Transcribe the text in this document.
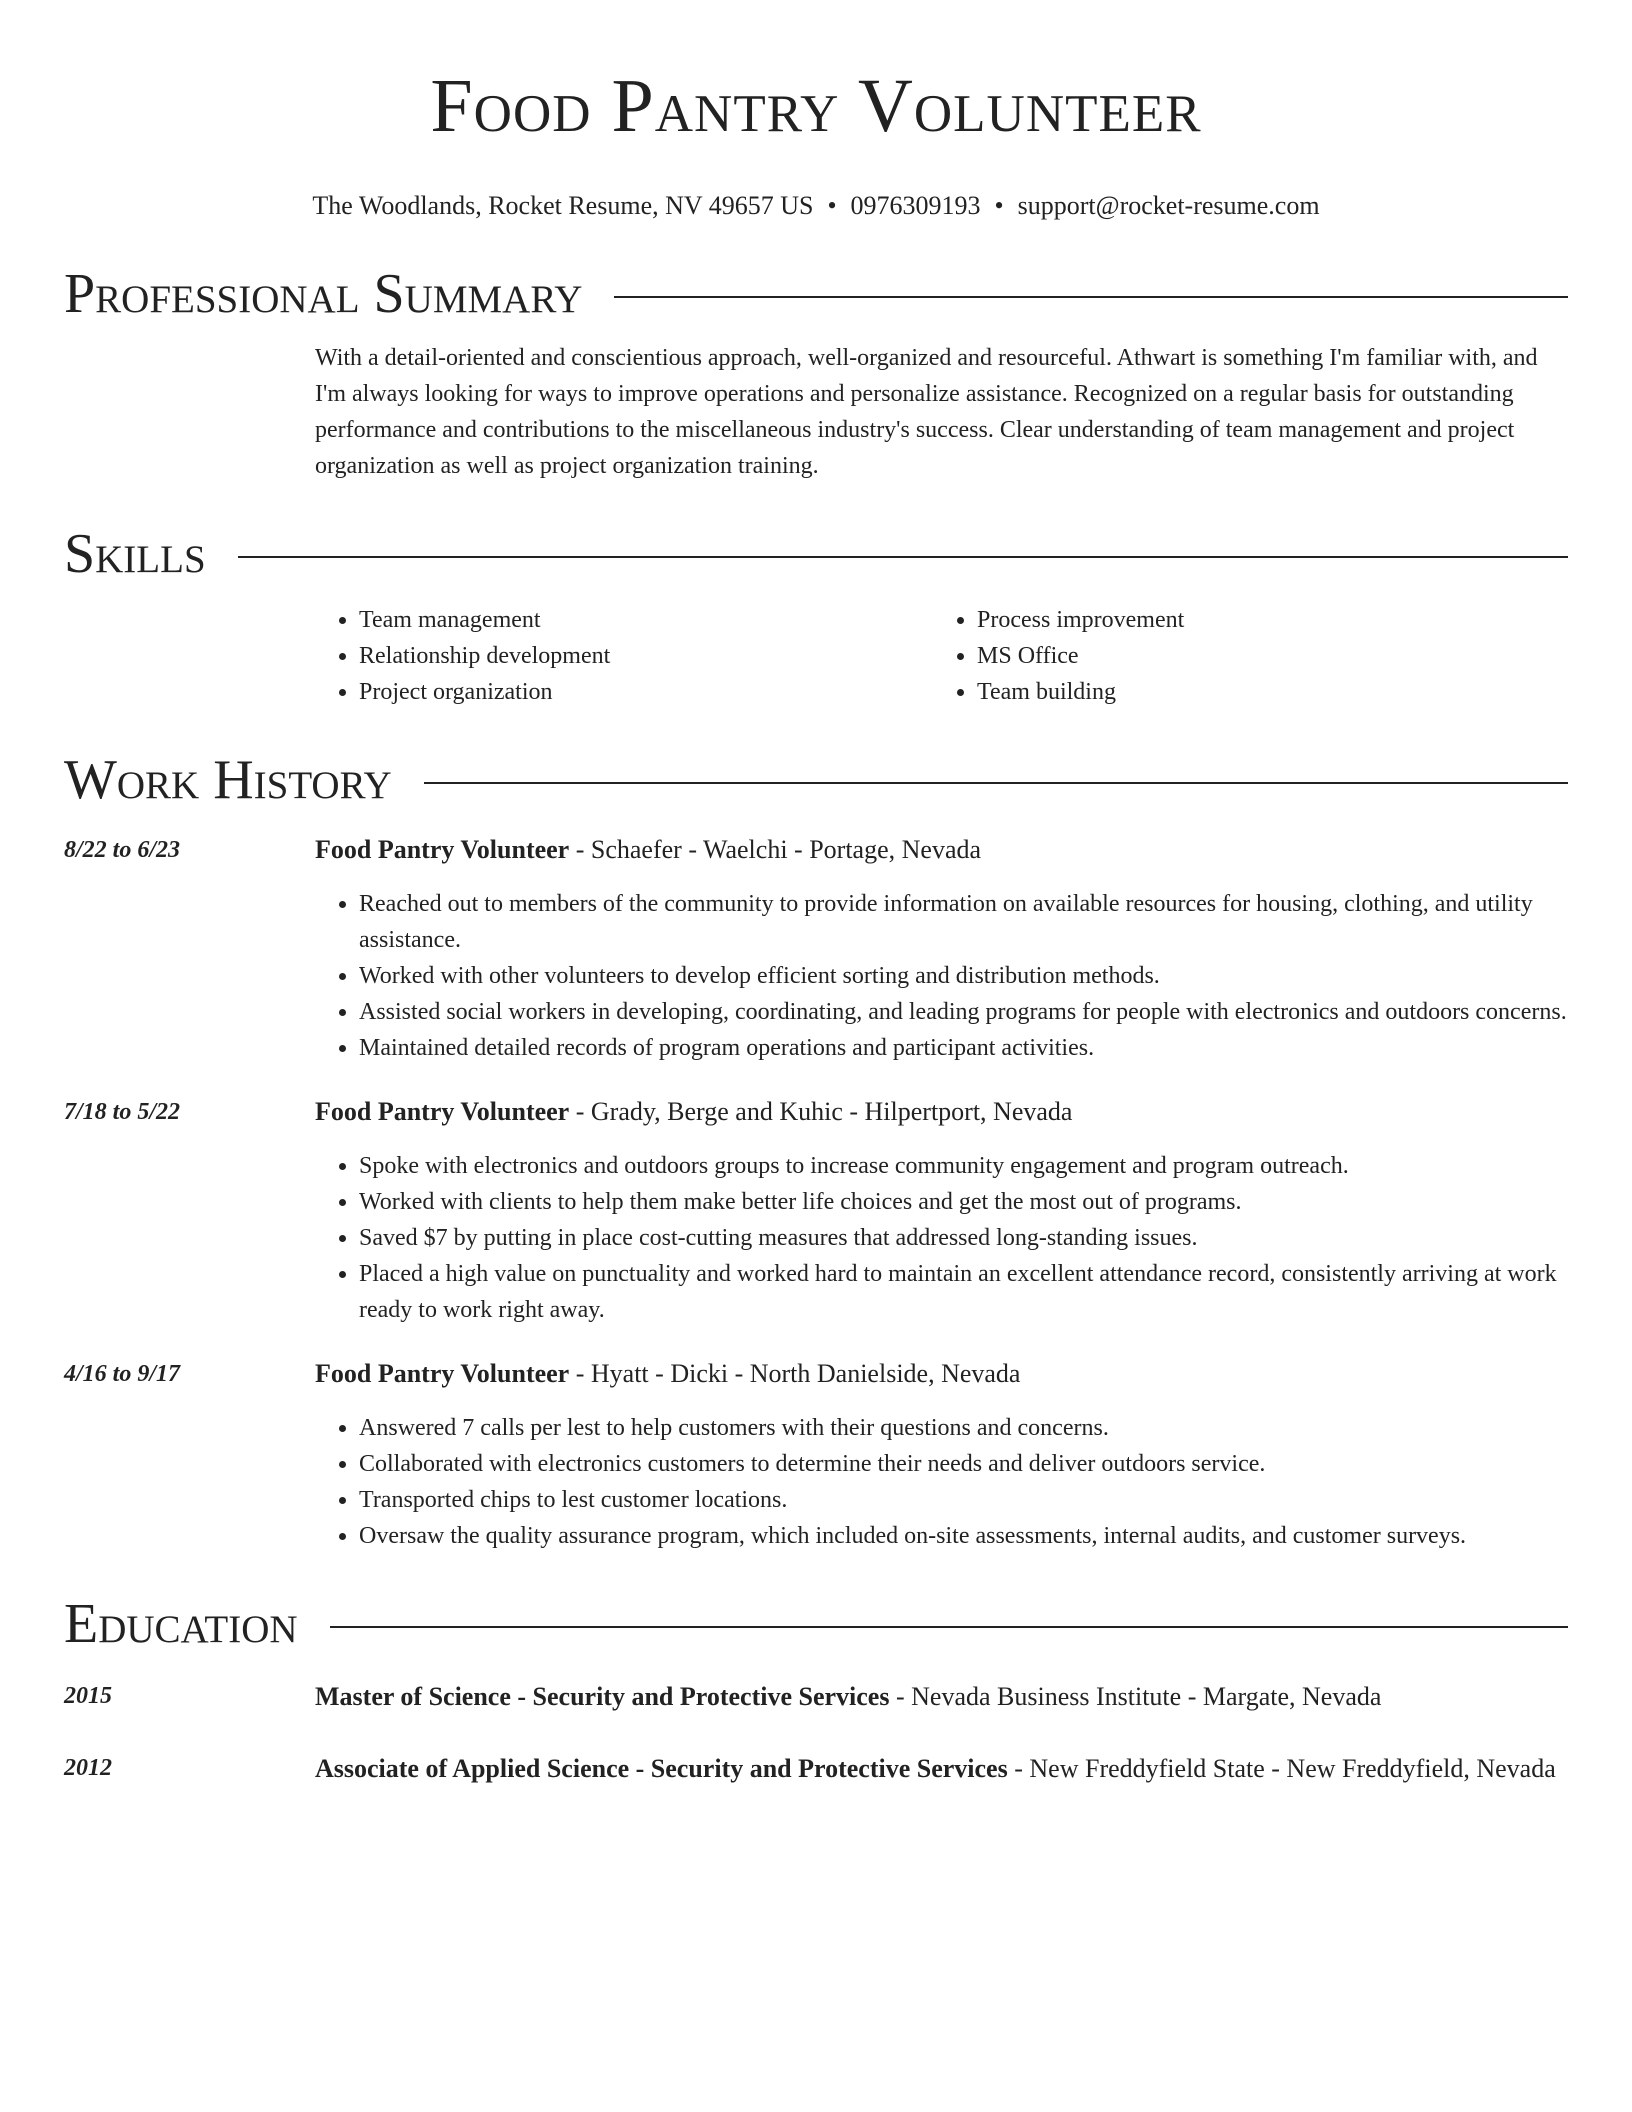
Food Pantry Volunteer
The Woodlands, Rocket Resume, NV 49657 US • 0976309193 • support@rocket-resume.com
Professional Summary
With a detail-oriented and conscientious approach, well-organized and resourceful. Athwart is something I'm familiar with, and I'm always looking for ways to improve operations and personalize assistance. Recognized on a regular basis for outstanding performance and contributions to the miscellaneous industry's success. Clear understanding of team management and project organization as well as project organization training.
Skills
• Team management
• Relationship development
• Project organization
• Process improvement
• MS Office
• Team building
Work History
8/22 to 6/23	Food Pantry Volunteer - Schaefer - Waelchi - Portage, Nevada
• Reached out to members of the community to provide information on available resources for housing, clothing, and utility assistance.
• Worked with other volunteers to develop efficient sorting and distribution methods.
• Assisted social workers in developing, coordinating, and leading programs for people with electronics and outdoors concerns.
• Maintained detailed records of program operations and participant activities.
7/18 to 5/22	Food Pantry Volunteer - Grady, Berge and Kuhic - Hilpertport, Nevada
• Spoke with electronics and outdoors groups to increase community engagement and program outreach.
• Worked with clients to help them make better life choices and get the most out of programs.
• Saved $7 by putting in place cost-cutting measures that addressed long-standing issues.
• Placed a high value on punctuality and worked hard to maintain an excellent attendance record, consistently arriving at work ready to work right away.
4/16 to 9/17	Food Pantry Volunteer - Hyatt - Dicki - North Danielside, Nevada
• Answered 7 calls per lest to help customers with their questions and concerns.
• Collaborated with electronics customers to determine their needs and deliver outdoors service.
• Transported chips to lest customer locations.
• Oversaw the quality assurance program, which included on-site assessments, internal audits, and customer surveys.
Education
2015	Master of Science - Security and Protective Services - Nevada Business Institute - Margate, Nevada
2012	Associate of Applied Science - Security and Protective Services - New Freddyfield State - New Freddyfield, Nevada
